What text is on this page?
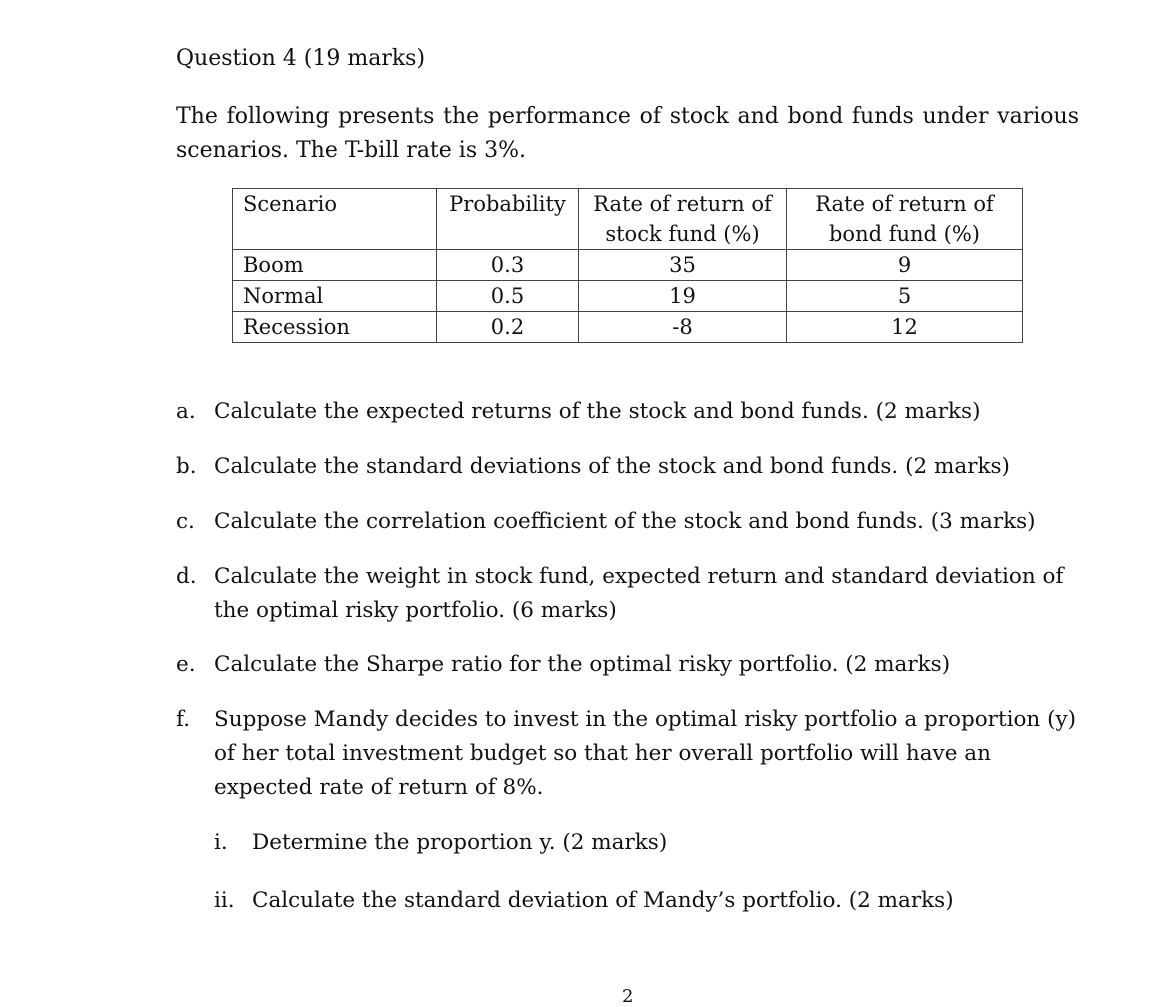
Question 4 (19 marks)
The following presents the performance of stock and bond funds under various scenarios. The T-bill rate is 3%.
Scenario	Probability	Rate of return of stock fund (%)	Rate of return of bond fund (%)
Boom	0.3	35	9
Normal	0.5	19	5
Recession	0.2	-8	12
a. Calculate the expected returns of the stock and bond funds. (2 marks)
b. Calculate the standard deviations of the stock and bond funds. (2 marks)
c. Calculate the correlation coefficient of the stock and bond funds. (3 marks)
d. Calculate the weight in stock fund, expected return and standard deviation of the optimal risky portfolio. (6 marks)
e. Calculate the Sharpe ratio for the optimal risky portfolio. (2 marks)
f.	Suppose Mandy decides to invest in the optimal risky portfolio a proportion (y) of her total investment budget so that her overall portfolio will have an expected rate of return of 8%.
i.	Determine the proportion y. (2 marks)
ii. Calculate the standard deviation of Mandy’s portfolio. (2 marks)
2
